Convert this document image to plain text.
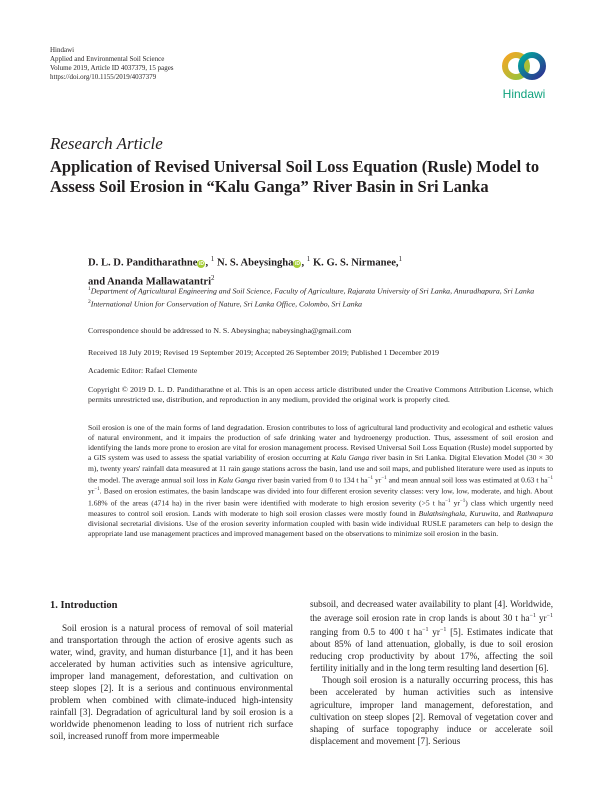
Hindawi
Applied and Environmental Soil Science
Volume 2019, Article ID 4037379, 15 pages
https://doi.org/10.1155/2019/4037379
Hindawi
Research Article
Application of Revised Universal Soil Loss Equation (Rusle) Model to Assess Soil Erosion in “Kalu Ganga” River Basin in Sri Lanka
D. L. D. Panditharathne iD , $^1$ N. S. Abeysingha iD , $^1$ K. G. S. Nirmanee,$^1$
and Ananda Mallawatantri$^2$
$^1$Department of Agricultural Engineering and Soil Science, Faculty of Agriculture, Rajarata University of Sri Lanka, Anuradhapura, Sri Lanka
$^2$International Union for Conservation of Nature, Sri Lanka Office, Colombo, Sri Lanka
Correspondence should be addressed to N. S. Abeysingha; nabeysingha@gmail.com
Received 18 July 2019; Revised 19 September 2019; Accepted 26 September 2019; Published 1 December 2019
Academic Editor: Rafael Clemente
Copyright © 2019 D. L. D. Panditharathne et al. This is an open access article distributed under the Creative Commons Attribution License, which permits unrestricted use, distribution, and reproduction in any medium, provided the original work is properly cited.
Soil erosion is one of the main forms of land degradation. Erosion contributes to loss of agricultural land productivity and ecological and esthetic values of natural environment, and it impairs the production of safe drinking water and hydroenergy production. Thus, assessment of soil erosion and identifying the lands more prone to erosion are vital for erosion management process. Revised Universal Soil Loss Equation (Rusle) model supported by a GIS system was used to assess the spatial variability of erosion occurring at Kalu Ganga river basin in Sri Lanka. Digital Elevation Model (30 × 30 m), twenty years' rainfall data measured at 11 rain gauge stations across the basin, land use and soil maps, and published literature were used as inputs to the model. The average annual soil loss in Kalu Ganga river basin varied from 0 to 134 t $ha^{-1}$ $yr^{-1}$ and mean annual soil loss was estimated at 0.63 t $ha^{-1}$ $yr^{-1}$. Based on erosion estimates, the basin landscape was divided into four different erosion severity classes: very low, low, moderate, and high. About 1.68% of the areas (4714 ha) in the river basin were identified with moderate to high erosion severity (>5 t $ha^{-1}$ $yr^{-1}$) class which urgently need measures to control soil erosion. Lands with moderate to high soil erosion classes were mostly found in Bulathsinghala, Kuruwita, and Rathnapura divisional secretarial divisions. Use of the erosion severity information coupled with basin wide individual RUSLE parameters can help to design the appropriate land use management practices and improved management based on the observations to minimize soil erosion in the basin.
1. Introduction

Soil erosion is a natural process of removal of soil material and transportation through the action of erosive agents such as water, wind, gravity, and human disturbance [1], and it has been accelerated by human activities such as intensive agriculture, improper land management, deforestation, and cultivation on steep slopes [2]. It is a serious and continuous environmental problem when combined with climate-induced high-intensity rainfall [3]. Degradation of agricultural land by soil erosion is a worldwide phenomenon leading to loss of nutrient rich surface soil, increased runoff from more impermeable

subsoil, and decreased water availability to plant [4]. Worldwide, the average soil erosion rate in crop lands is about 30 t $ha^{-1}$ $yr^{-1}$ ranging from 0.5 to 400 t $ha^{-1}$ $yr^{-1}$ [5]. Estimates indicate that about 85% of land attenuation, globally, is due to soil erosion reducing crop productivity by about 17%, affecting the soil fertility initially and in the long term resulting land desertion [6].

Though soil erosion is a naturally occurring process, this has been accelerated by human activities such as intensive agriculture, improper land management, deforestation, and cultivation on steep slopes [2]. Removal of vegetation cover and shaping of surface topography induce or accelerate soil displacement and movement [7]. Serious
